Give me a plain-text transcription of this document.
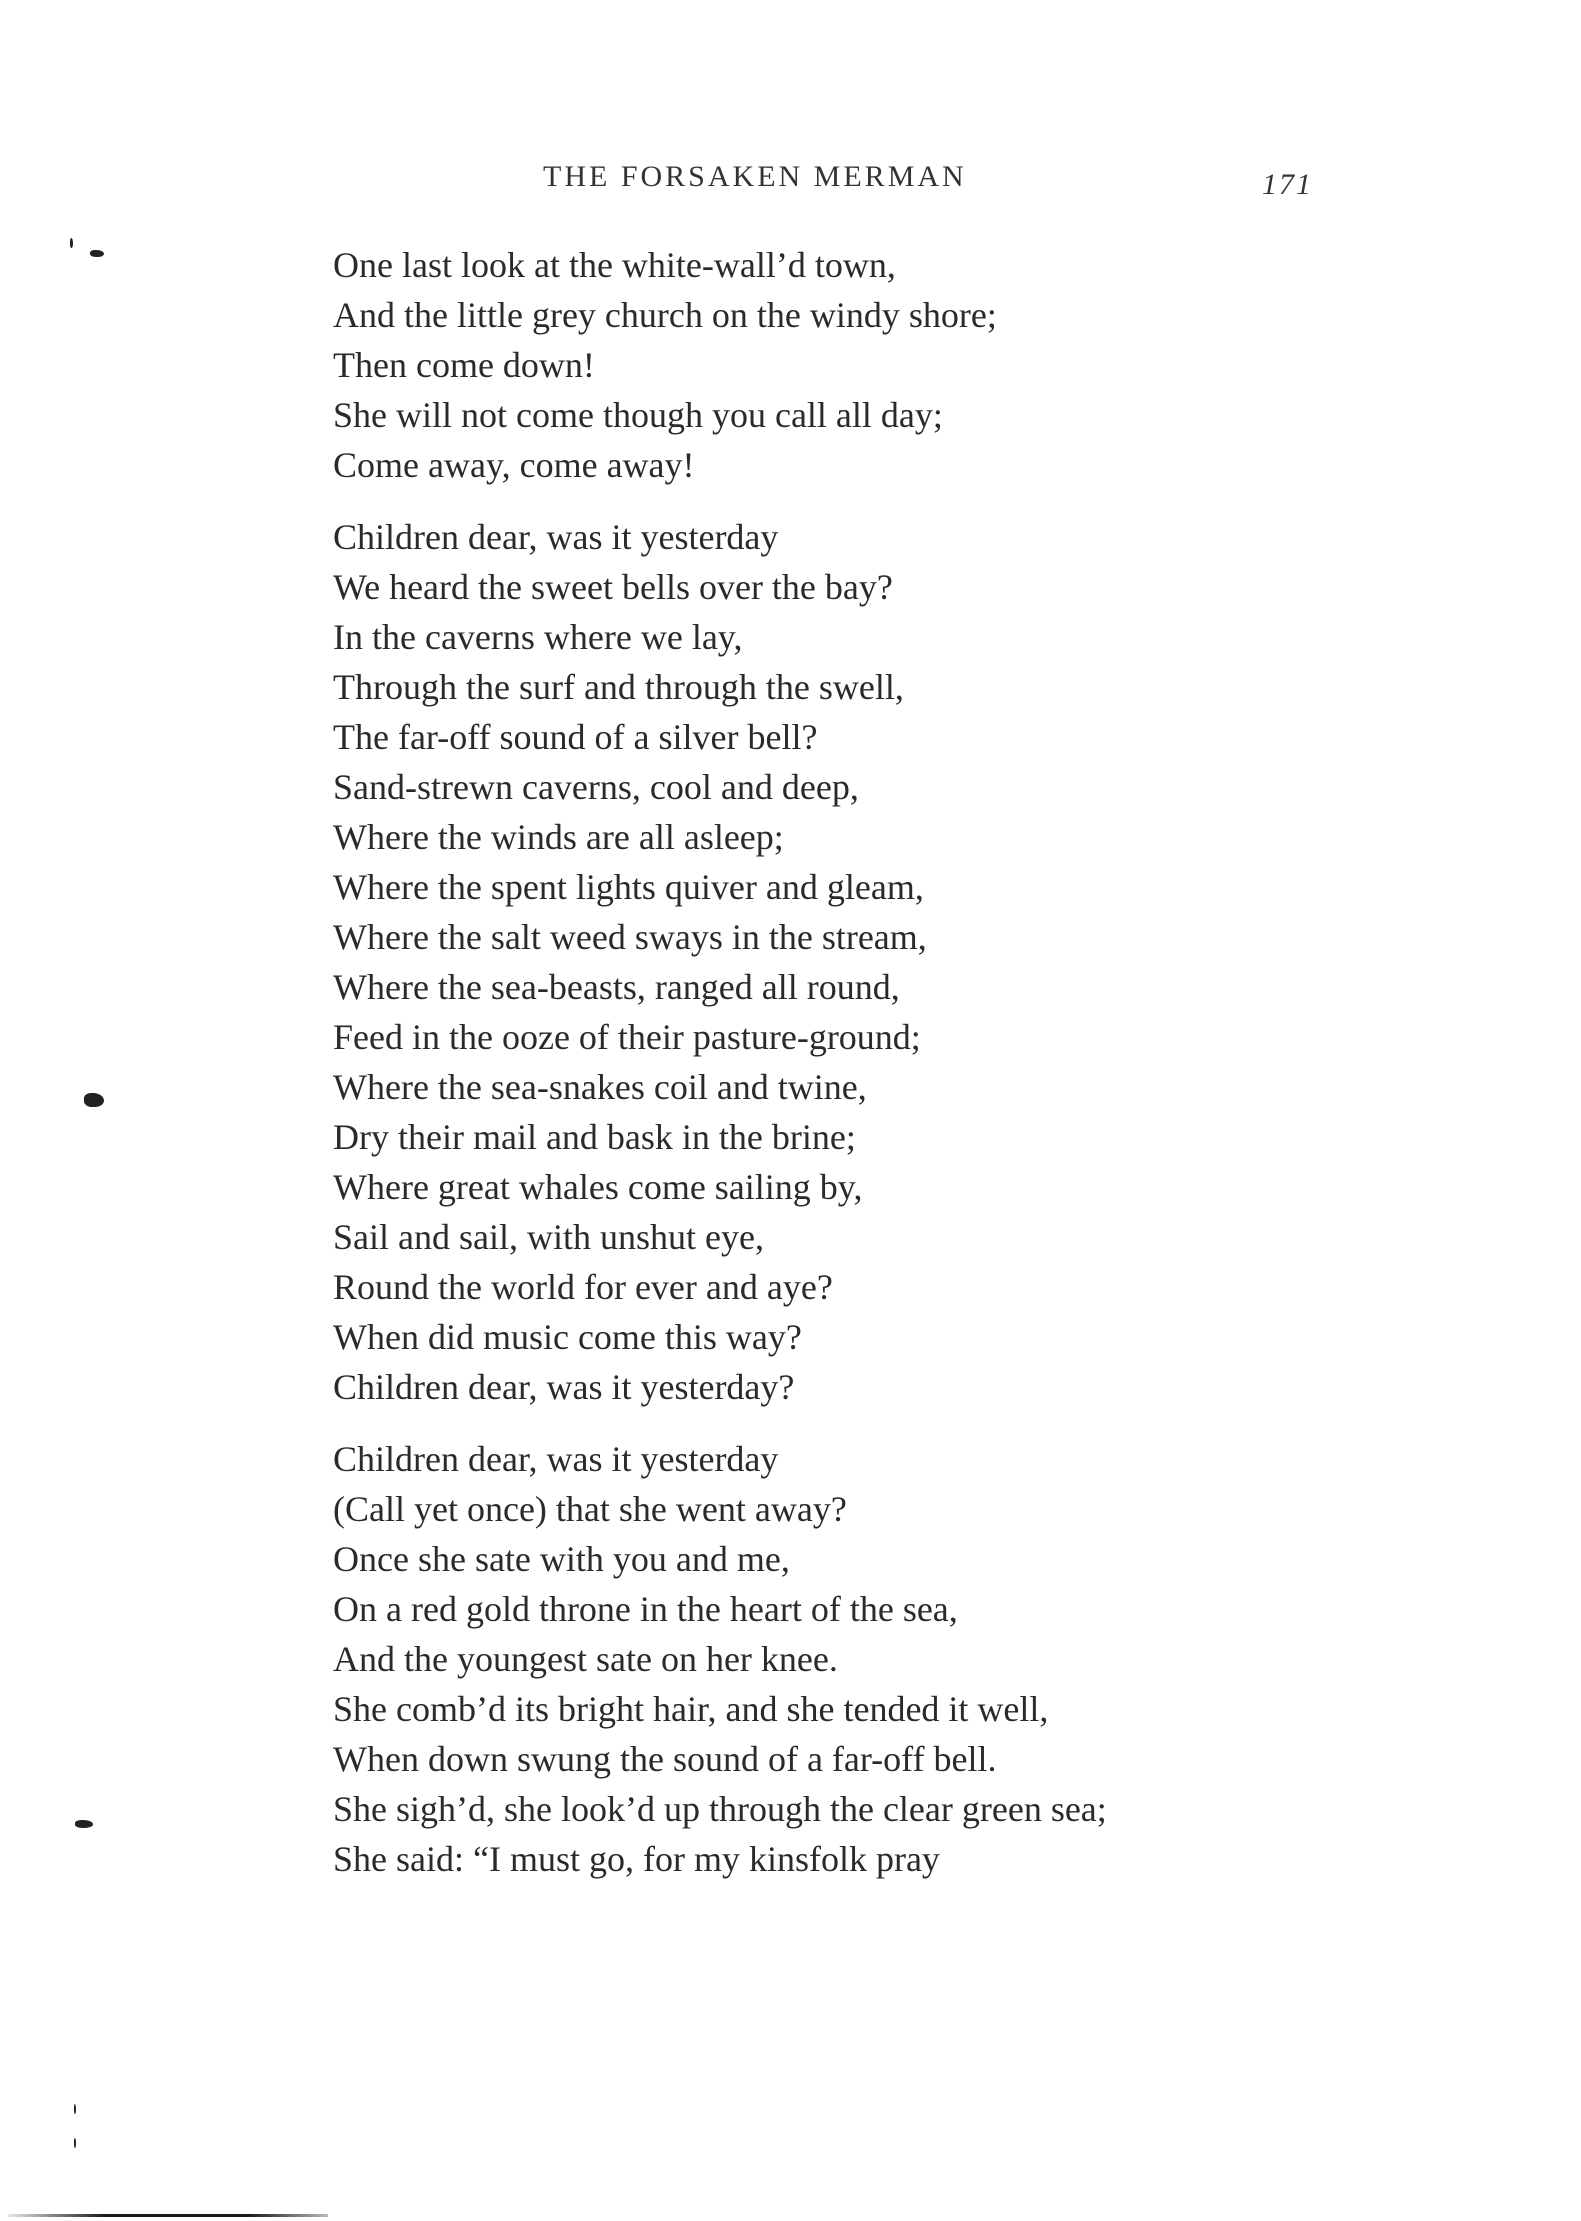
THE FORSAKEN MERMAN	171
One last look at the white-wall’d town,
And the little grey church on the windy shore;
Then come down!
She will not come though you call all day;
Come away, come away!
Children dear, was it yesterday
We heard the sweet bells over the bay?
In the caverns where we lay,
Through the surf and through the swell,
The far-off sound of a silver bell?
Sand-strewn caverns, cool and deep,
Where the winds are all asleep;
Where the spent lights quiver and gleam,
Where the salt weed sways in the stream,
Where the sea-beasts, ranged all round,
Feed in the ooze of their pasture-ground;
Where the sea-snakes coil and twine,
Dry their mail and bask in the brine;
Where great whales come sailing by,
Sail and sail, with unshut eye,
Round the world for ever and aye?
When did music come this way?
Children dear, was it yesterday?
Children dear, was it yesterday
(Call yet once) that she went away?
Once she sate with you and me,
On a red gold throne in the heart of the sea,
And the youngest sate on her knee.
She comb’d its bright hair, and she tended it well,
When down swung the sound of a far-off bell.
She sigh’d, she look’d up through the clear green sea;
She said: “I must go, for my kinsfolk pray
